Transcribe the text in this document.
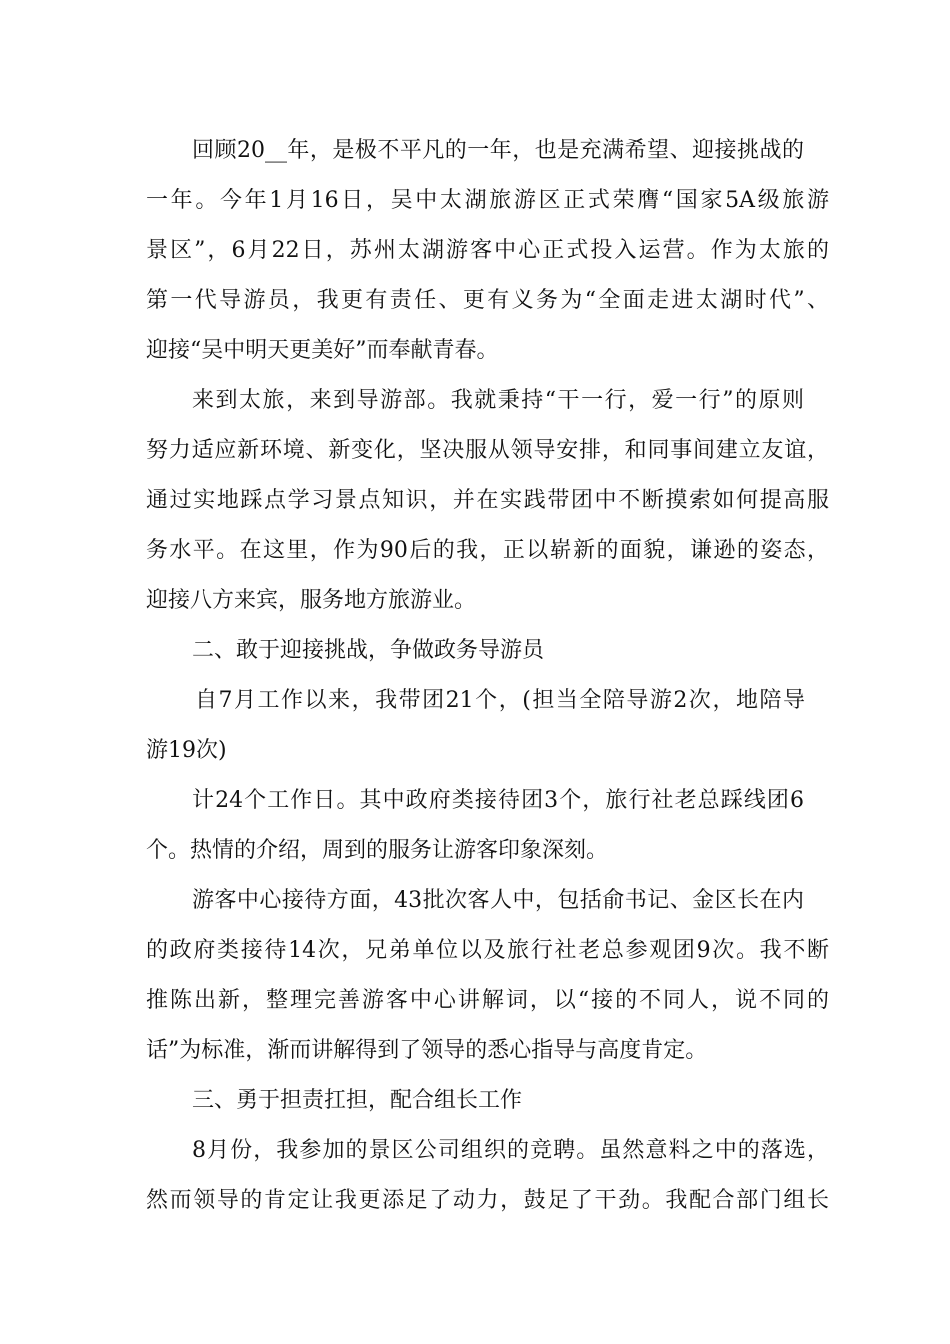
回顾20__年，是极不平凡的一年，也是充满希望、迎接挑战的
一年。今年1月16日，吴中太湖旅游区正式荣膺“国家5A级旅游
景区”，6月22日，苏州太湖游客中心正式投入运营。作为太旅的
第一代导游员，我更有责任、更有义务为“全面走进太湖时代”、
迎接“吴中明天更美好”而奉献青春。
来到太旅，来到导游部。我就秉持“干一行，爱一行”的原则
努力适应新环境、新变化，坚决服从领导安排，和同事间建立友谊，
通过实地踩点学习景点知识，并在实践带团中不断摸索如何提高服
务水平。在这里，作为90后的我，正以崭新的面貌，谦逊的姿态，
迎接八方来宾，服务地方旅游业。
二、敢于迎接挑战，争做政务导游员
自7月工作以来，我带团21个，(担当全陪导游2次，地陪导
游19次)
计24个工作日。其中政府类接待团3个，旅行社老总踩线团6
个。热情的介绍，周到的服务让游客印象深刻。
游客中心接待方面，43批次客人中，包括俞书记、金区长在内
的政府类接待14次，兄弟单位以及旅行社老总参观团9次。我不断
推陈出新，整理完善游客中心讲解词，以“接的不同人，说不同的
话”为标准，渐而讲解得到了领导的悉心指导与高度肯定。
三、勇于担责扛担，配合组长工作
8月份，我参加的景区公司组织的竞聘。虽然意料之中的落选，
然而领导的肯定让我更添足了动力，鼓足了干劲。我配合部门组长
